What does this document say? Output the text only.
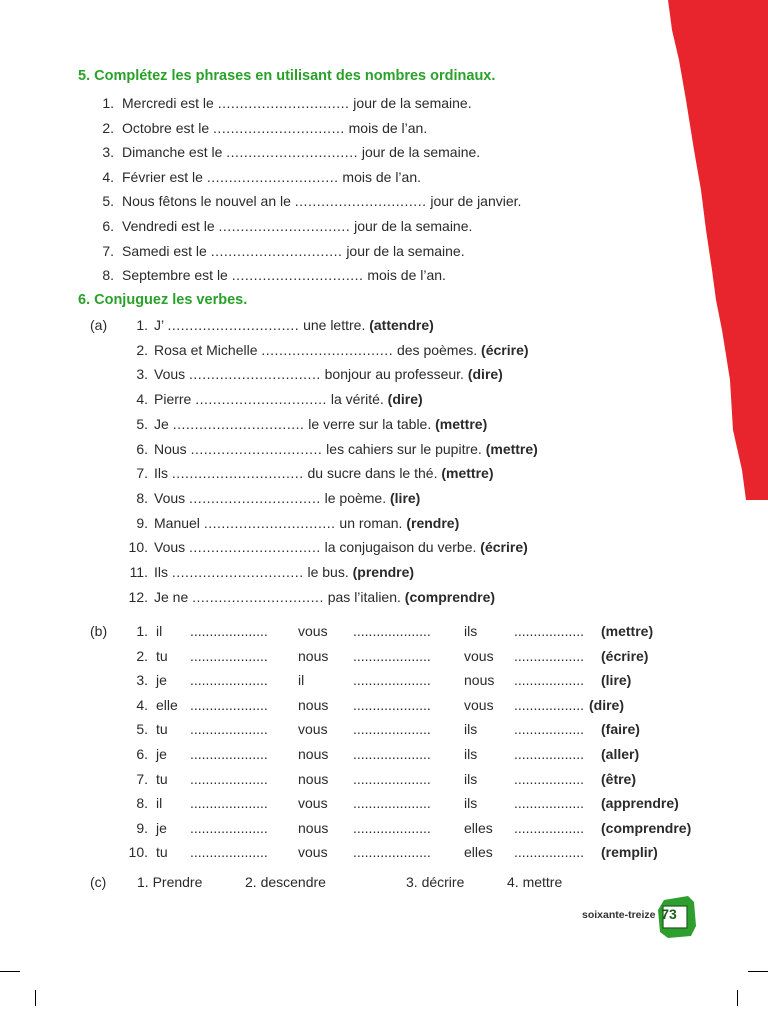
5. Complétez les phrases en utilisant des nombres ordinaux.
1. Mercredi est le .............................. jour de la semaine.
2. Octobre est le .............................. mois de l’an.
3. Dimanche est le .............................. jour de la semaine.
4. Février est le .............................. mois de l’an.
5. Nous fêtons le nouvel an le .............................. jour de janvier.
6. Vendredi est le .............................. jour de la semaine.
7. Samedi est le .............................. jour de la semaine.
8. Septembre est le .............................. mois de l’an.
6. Conjuguez les verbes.
(a)	1. J’ .............................. une lettre. (attendre)
2. Rosa et Michelle .............................. des poèmes. (écrire)
3. Vous .............................. bonjour au professeur. (dire)
4. Pierre .............................. la vérité. (dire)
5. Je .............................. le verre sur la table. (mettre)
6. Nous .............................. les cahiers sur le pupitre. (mettre)
7. Ils .............................. du sucre dans le thé. (mettre)
8. Vous .............................. le poème. (lire)
9. Manuel .............................. un roman. (rendre)
10. Vous .............................. la conjugaison du verbe. (écrire)
11. Ils .............................. le bus. (prendre)
12. Je ne .............................. pas l’italien. (comprendre)
(b)	1. il .................... vous .................... ils	.................. (mettre)
2. tu .................... nous .................... vous .................. (écrire)
3. je .................... il	.................... nous .................. (lire)
4. elle .................... nous .................... vous .................. (dire)
5. tu .................... vous .................... ils	.................. (faire)
6. je .................... nous .................... ils	.................. (aller)
7. tu .................... nous .................... ils	.................. (être)
8. il .................... vous .................... ils	.................. (apprendre)
9. je .................... nous .................... elles .................. (comprendre)
10. tu .................... vous .................... elles .................. (remplir)
(c) 1. Prendre	2. descendre	3. décrire	4. mettre
soixante-treize 73
